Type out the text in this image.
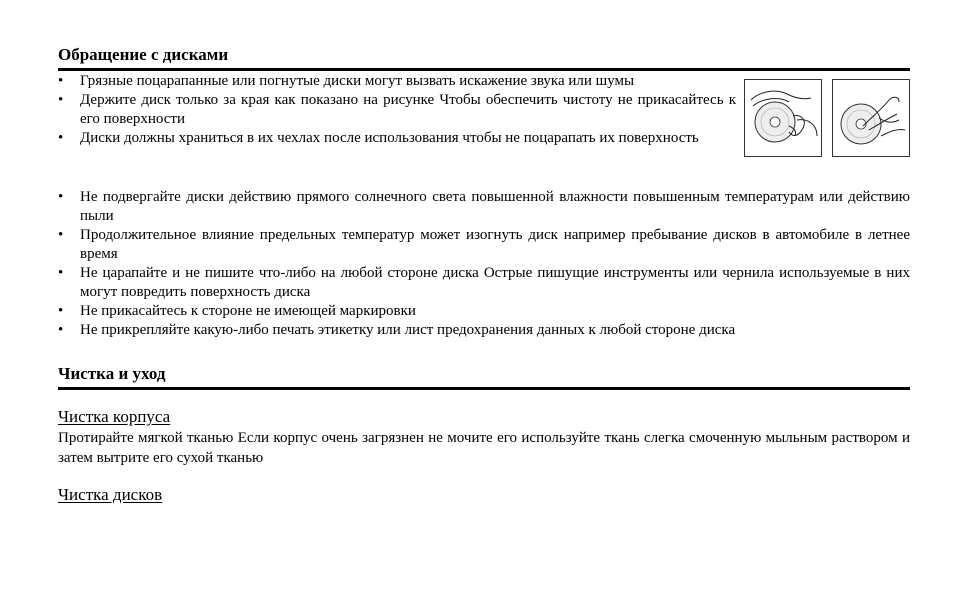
Обращение с дисками
•	Грязные поцарапанные или погнутые диски могут вызвать искажение звука или шумы
•	Держите диск только за края как показано на рисунке Чтобы обеспечить чистоту не прикасайтесь к его поверхности
•	Диски должны храниться в их чехлах после использования чтобы не поцарапать их поверхность
•	Не подвергайте диски действию прямого солнечного света повышенной влажности повышенным температурам или действию пыли
•	Продолжительное влияние предельных температур может изогнуть диск например пребывание дисков в автомобиле в летнее время
•	Не царапайте и не пишите что-либо на любой стороне диска Острые пишущие инструменты или чернила используемые в них могут повредить поверхность диска
•	Не прикасайтесь к стороне не имеющей маркировки
•	Не прикрепляйте какую-либо печать этикетку или лист предохранения данных к любой стороне диска
Чистка и уход
Чистка корпуса
Протирайте мягкой тканью Если корпус очень загрязнен не мочите его используйте ткань слегка смоченную мыльным раствором и затем вытрите его сухой тканью
Чистка дисков
